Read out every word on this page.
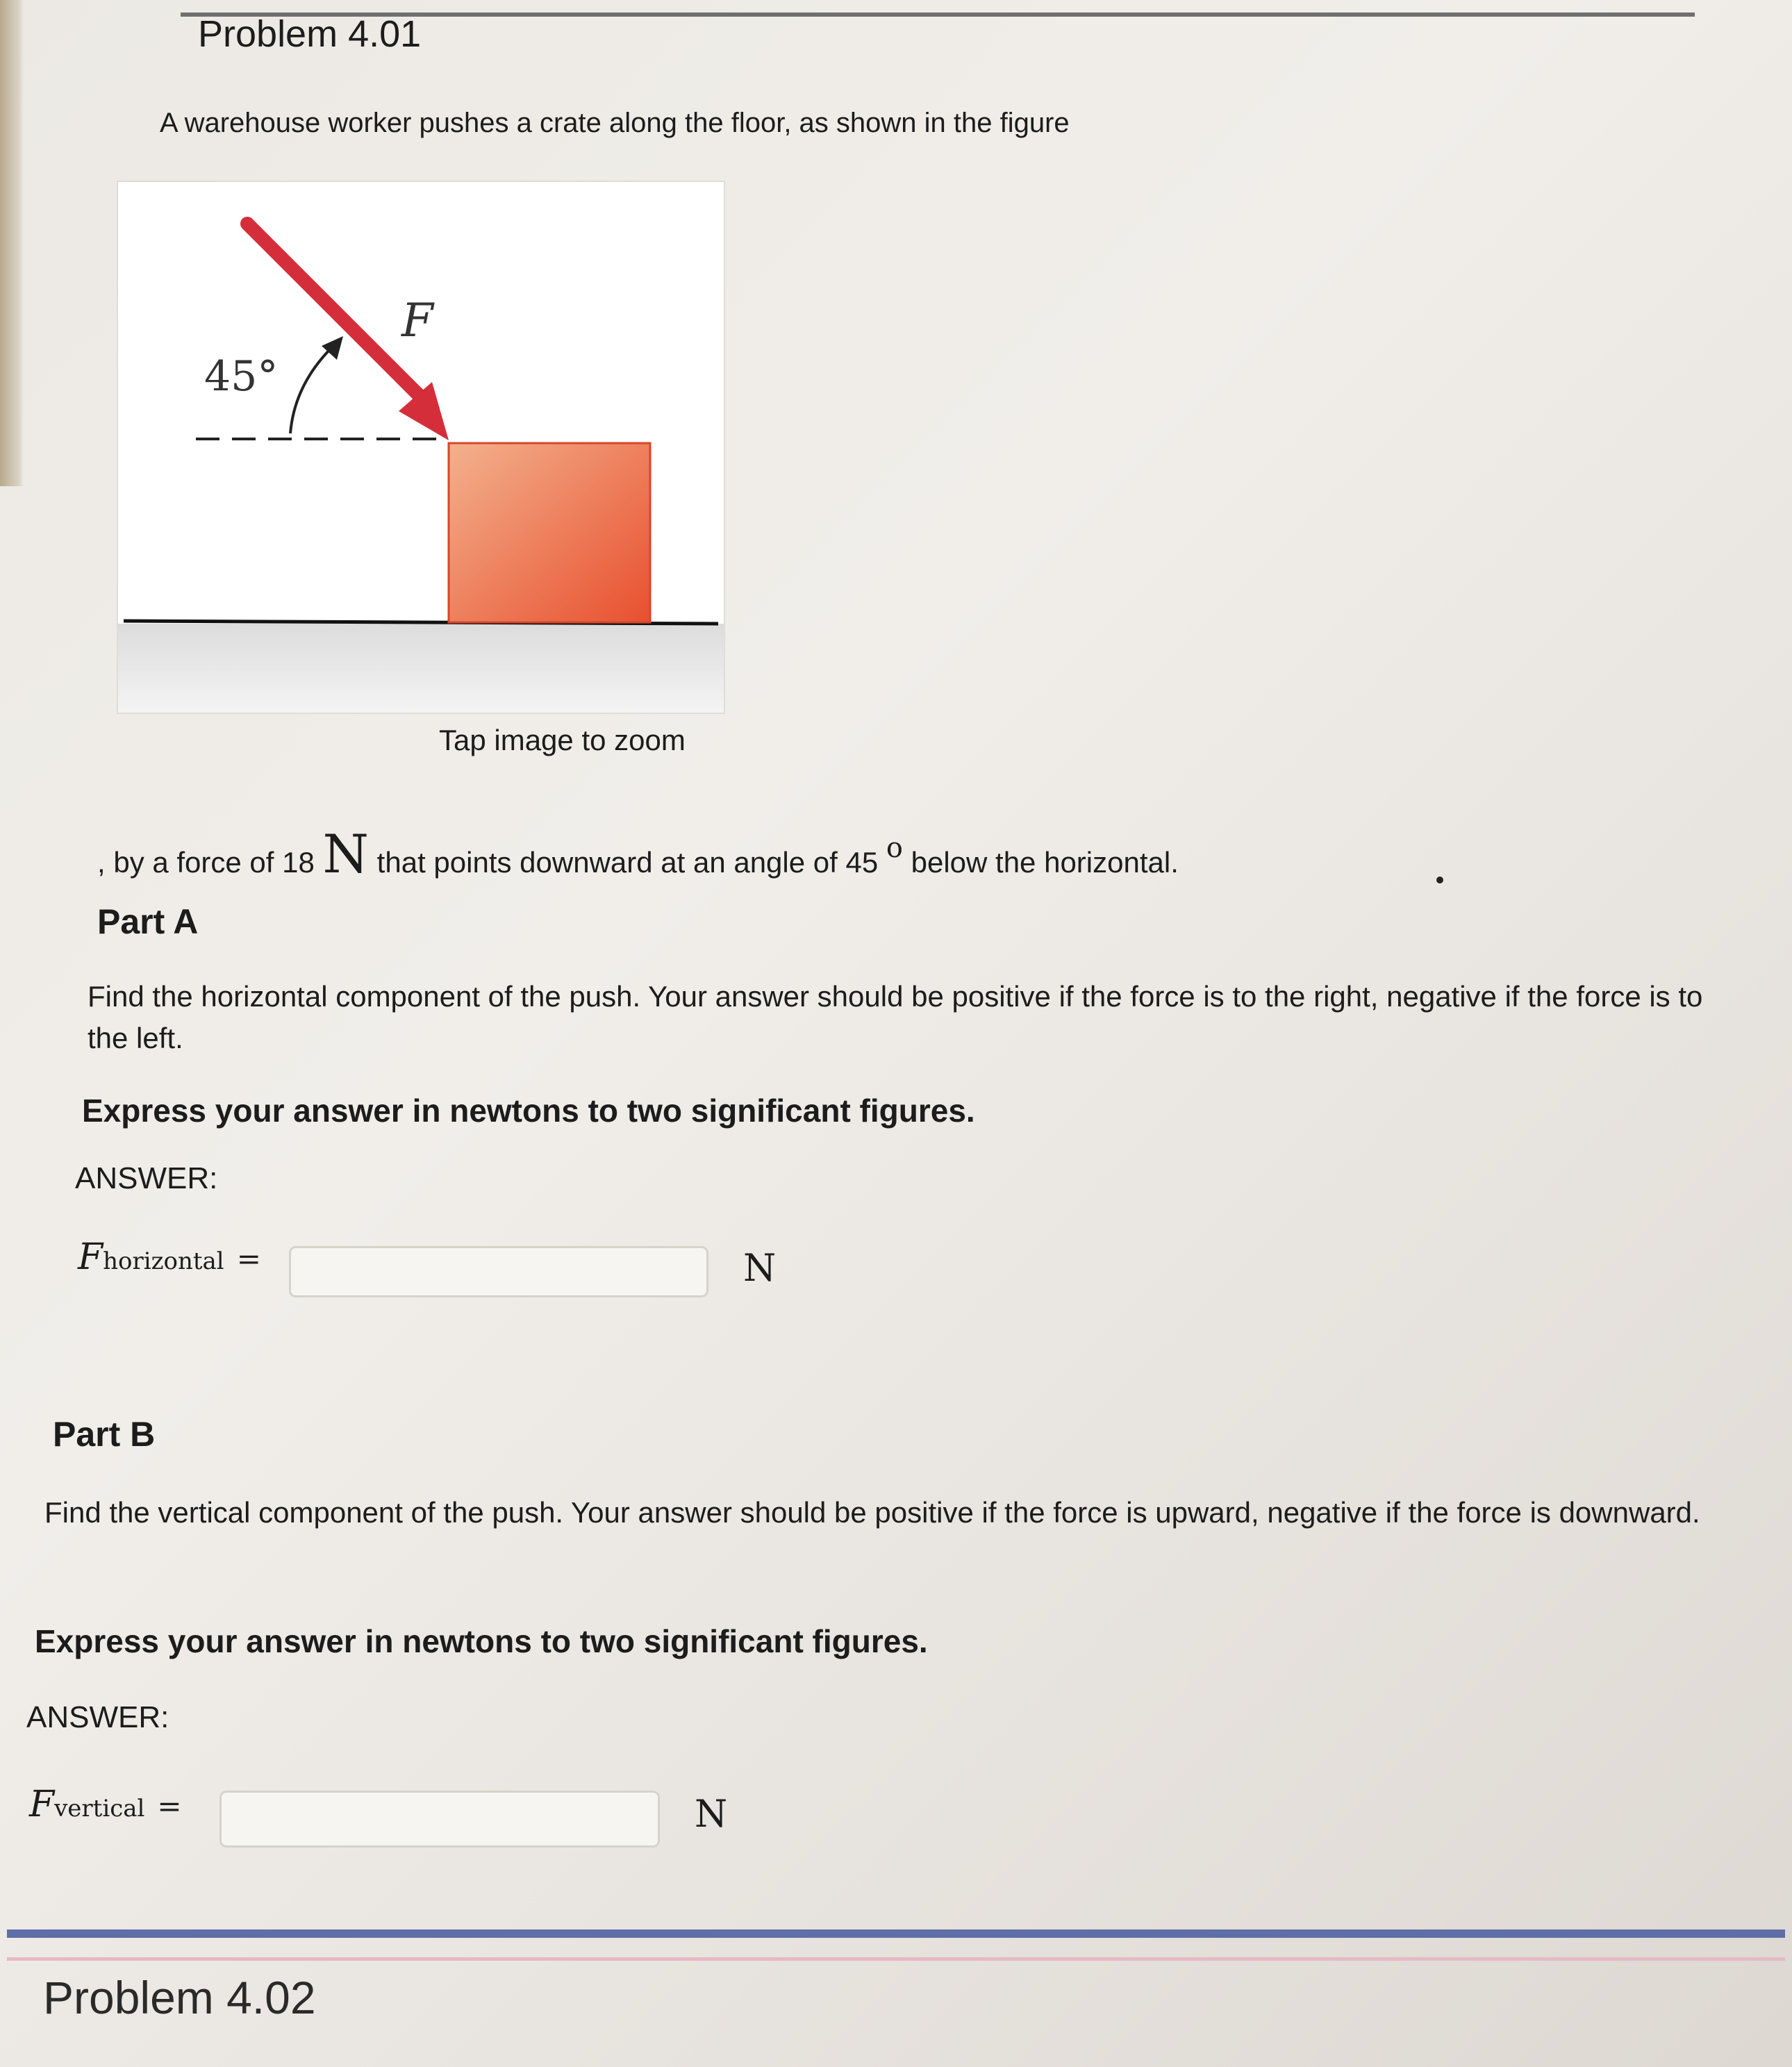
Problem 4.01
A warehouse worker pushes a crate along the floor, as shown in the figure
45°
F
Tap image to zoom
, by a force of 18 N that points downward at an angle of 45 o below the horizontal.
Part A
Find the horizontal component of the push. Your answer should be positive if the force is to the right, negative if the force is to the left.
Express your answer in newtons to two significant figures.
ANSWER:
Fhorizontal =	N
Part B
Find the vertical component of the push. Your answer should be positive if the force is upward, negative if the force is downward.
Express your answer in newtons to two significant figures.
ANSWER:
Fvertical =	N
Problem 4.02
